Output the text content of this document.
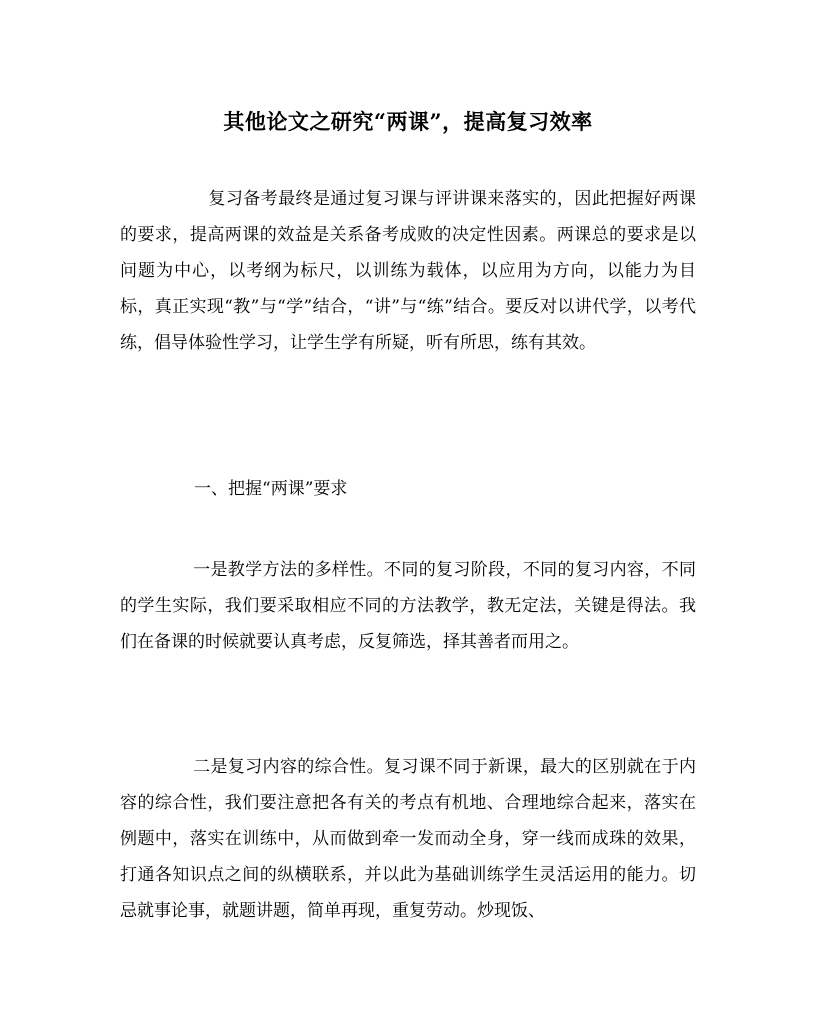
其他论文之研究“两课”，提高复习效率
复习备考最终是通过复习课与评讲课来落实的，因此把握好两课的要求，提高两课的效益是关系备考成败的决定性因素。两课总的要求是以问题为中心，以考纲为标尺，以训练为载体，以应用为方向，以能力为目标，真正实现“教”与“学”结合，“讲”与“练”结合。要反对以讲代学，以考代练，倡导体验性学习，让学生学有所疑，听有所思，练有其效。
一、把握“两课”要求
一是教学方法的多样性。不同的复习阶段，不同的复习内容，不同的学生实际，我们要采取相应不同的方法教学，教无定法，关键是得法。我们在备课的时候就要认真考虑，反复筛选，择其善者而用之。
二是复习内容的综合性。复习课不同于新课，最大的区别就在于内容的综合性，我们要注意把各有关的考点有机地、合理地综合起来，落实在例题中，落实在训练中，从而做到牵一发而动全身，穿一线而成珠的效果，打通各知识点之间的纵横联系，并以此为基础训练学生灵活运用的能力。切忌就事论事，就题讲题，简单再现，重复劳动。炒现饭、
